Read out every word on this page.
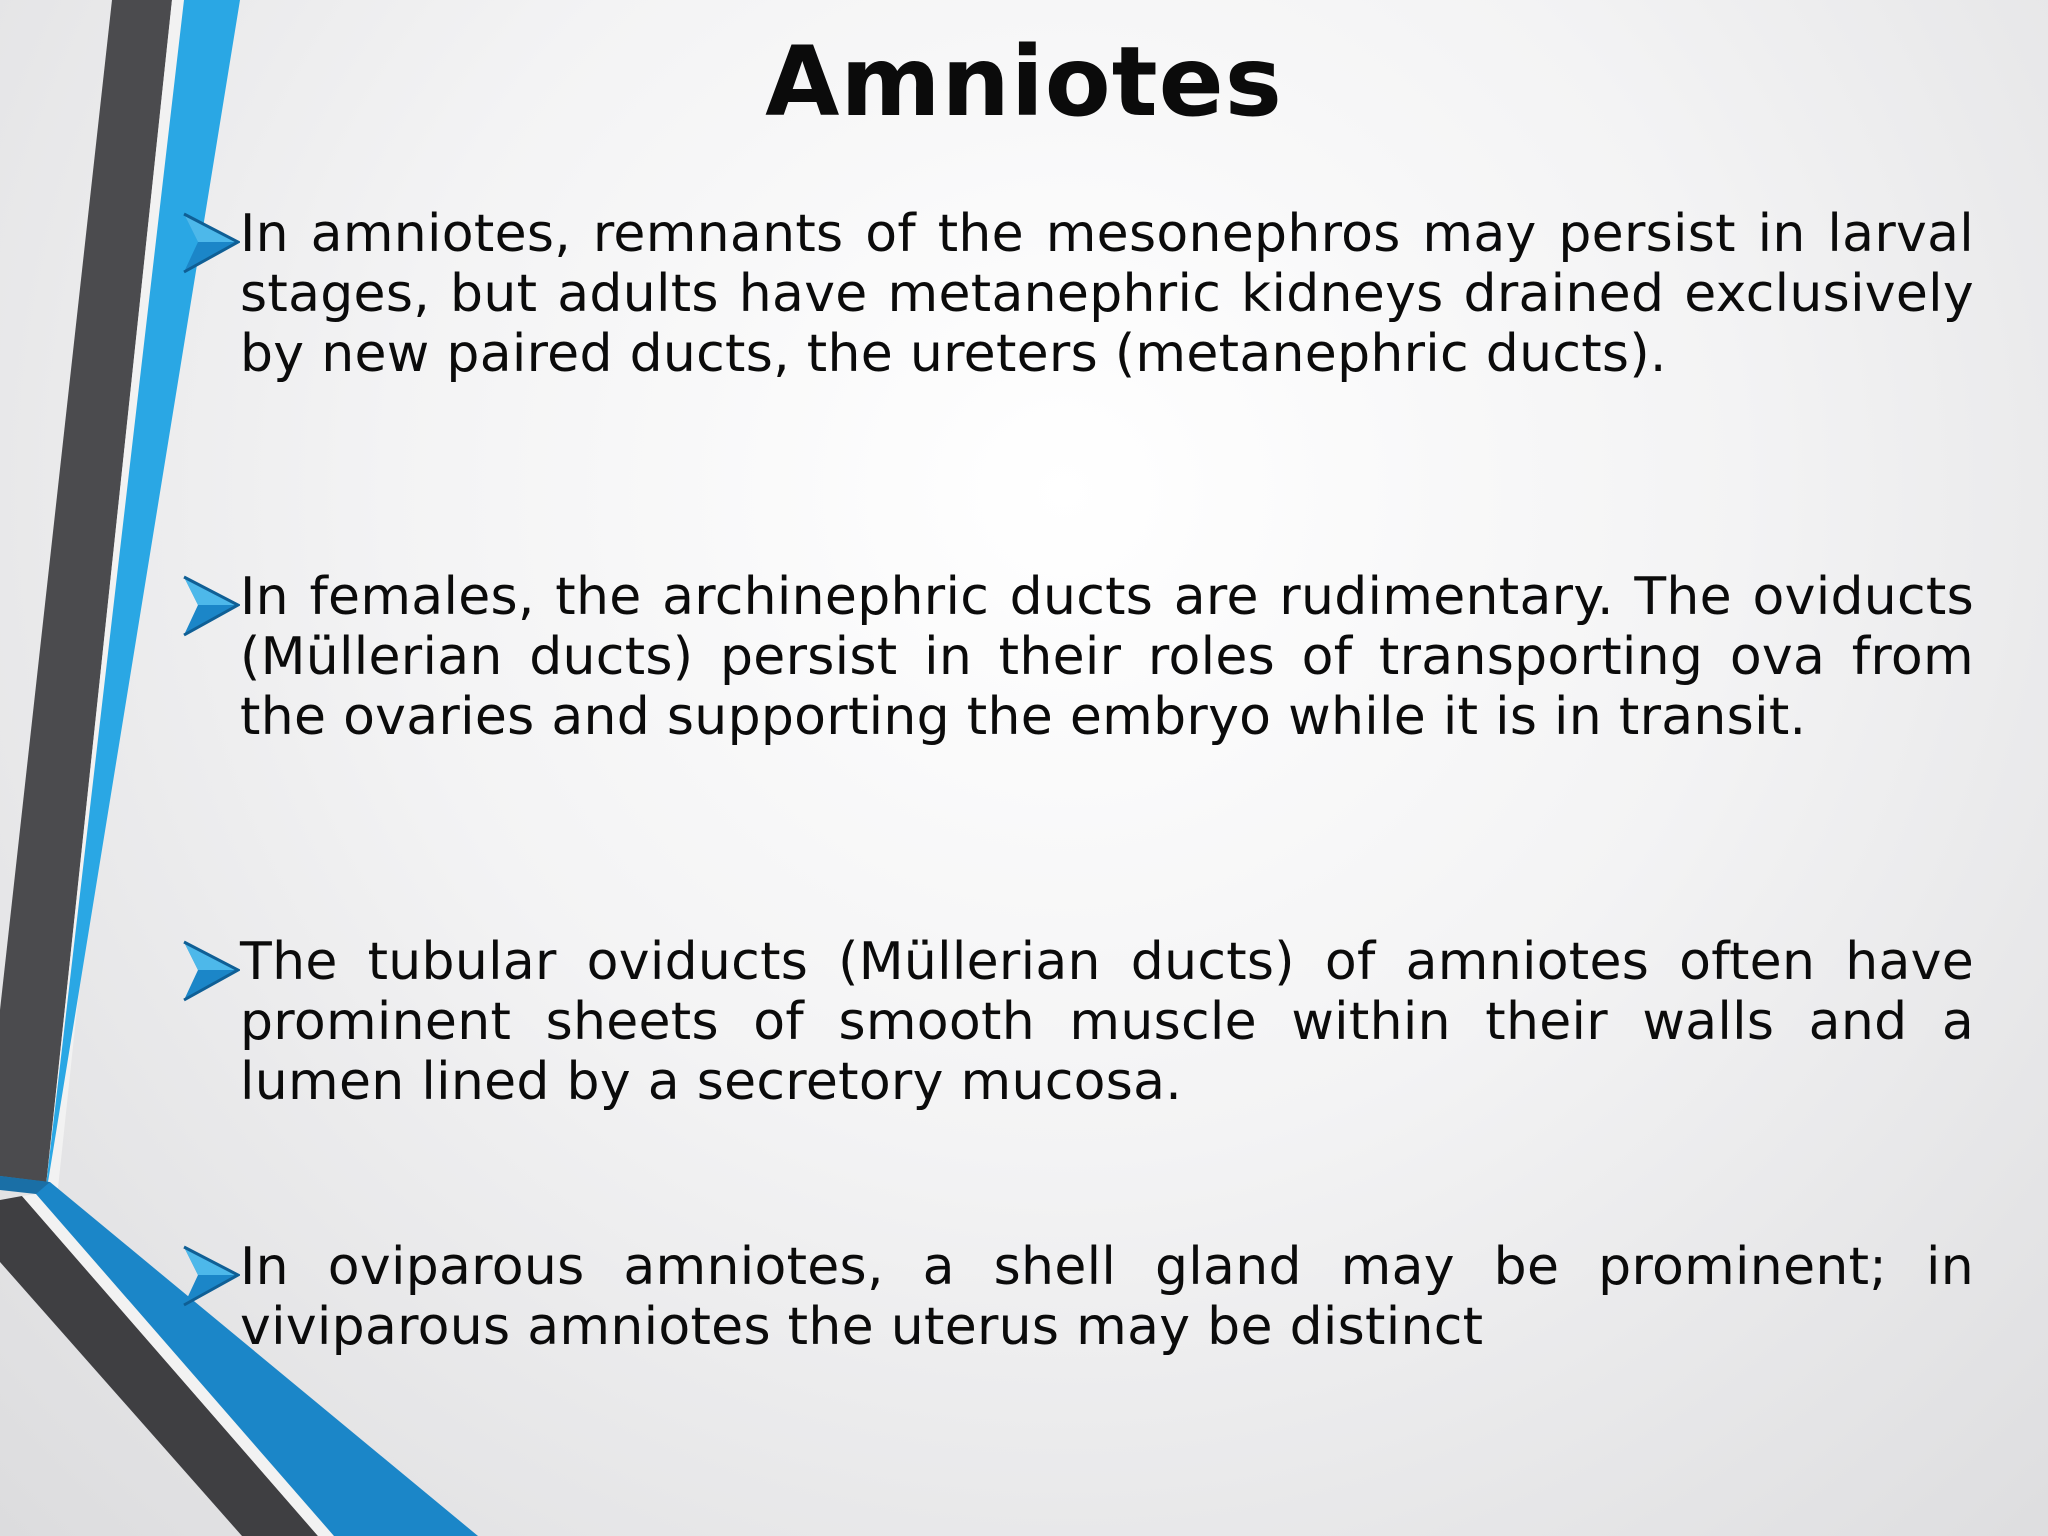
Amniotes

In amniotes, remnants of the mesonephros may persist in larval stages, but adults have metanephric kidneys drained exclusively by new paired ducts, the ureters (metanephric ducts).

In females, the archinephric ducts are rudimentary. The oviducts (Müllerian ducts) persist in their roles of transporting ova from the ovaries and supporting the embryo while it is in transit.

The tubular oviducts (Müllerian ducts) of amniotes often have prominent sheets of smooth muscle within their walls and a lumen lined by a secretory mucosa.

In oviparous amniotes, a shell gland may be prominent; in viviparous amniotes the uterus may be distinct
